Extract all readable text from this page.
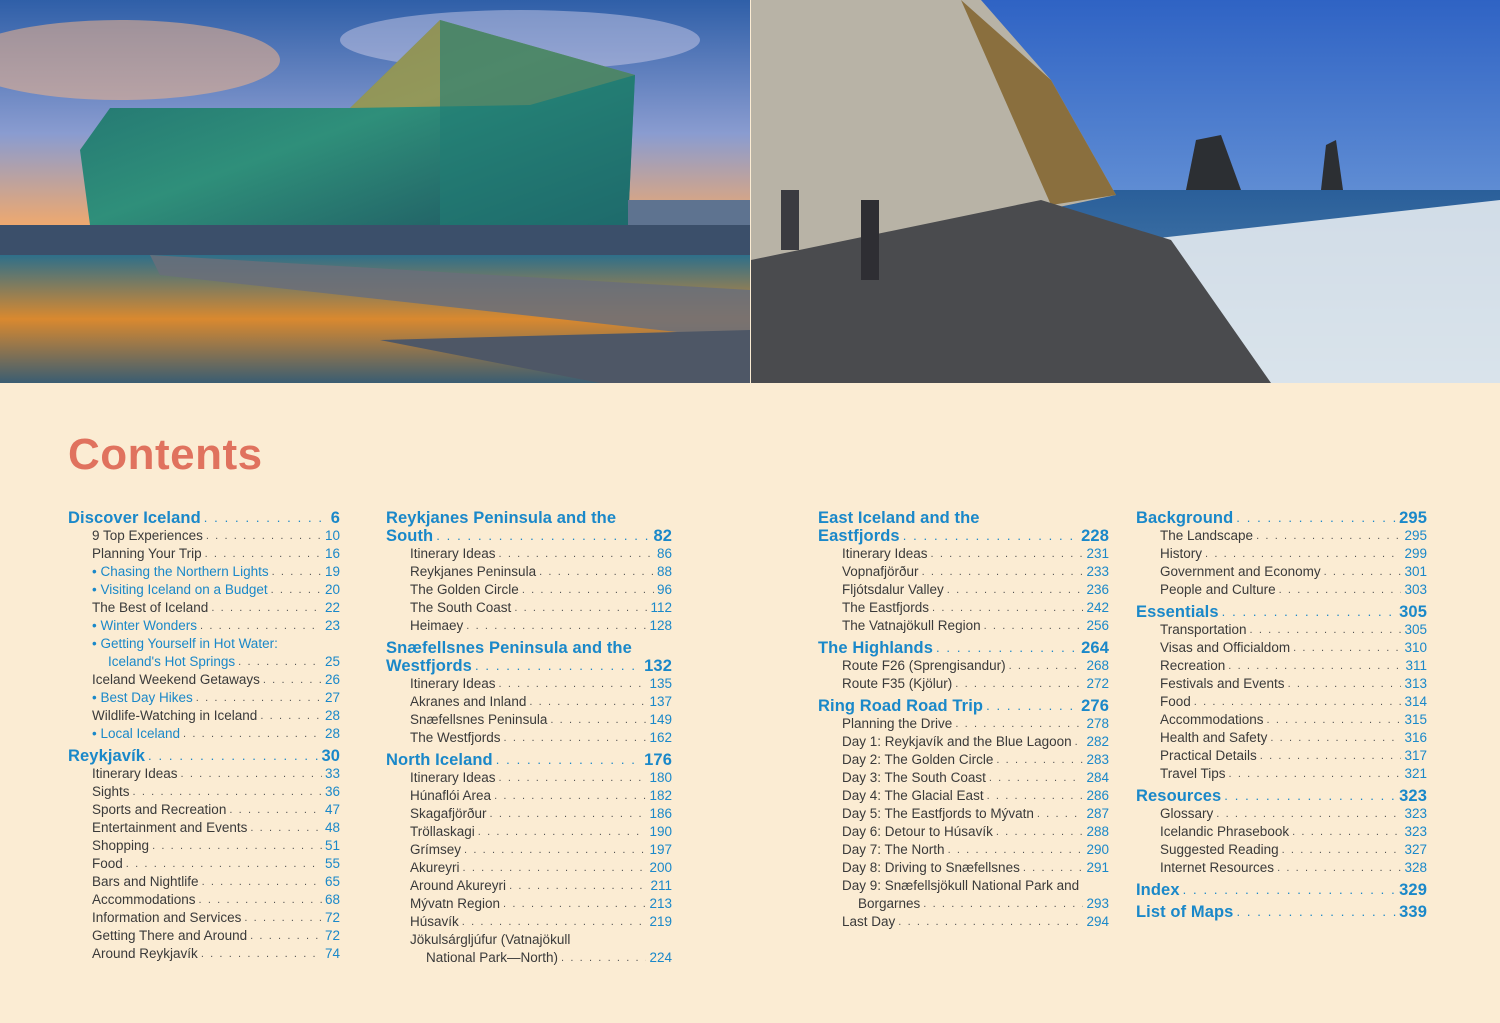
Contents
Discover Iceland . . .	6
9 Top Experiences . . .	10
Planning Your Trip . . .	16
• Chasing the Northern Lights . . .	19
• Visiting Iceland on a Budget . . .	20
The Best of Iceland . . .	22
• Winter Wonders . . .	23
• Getting Yourself in Hot Water:
Iceland's Hot Springs . . .	25
Iceland Weekend Getaways . . .	26
• Best Day Hikes . . .	27
Wildlife-Watching in Iceland . . .	28
• Local Iceland . . .	28
Reykjavík . . .	30
Itinerary Ideas . . .	33
Sights . . .	36
Sports and Recreation . . .	47
Entertainment and Events . . .	48
Shopping . . .	51
Food . . .	55
Bars and Nightlife . . .	65
Accommodations . . .	68
Information and Services . . .	72
Getting There and Around . . .	72
Around Reykjavík . . .	74
Reykjanes Peninsula and the
South . . .	82
Itinerary Ideas . . .	86
Reykjanes Peninsula . . .	88
The Golden Circle . . .	96
The South Coast . . .	112
Heimaey . . .	128
Snæfellsnes Peninsula and the
Westfjords . . .	132
Itinerary Ideas . . .	135
Akranes and Inland . . .	137
Snæfellsnes Peninsula . . .	149
The Westfjords . . .	162
North Iceland . . .	176
Itinerary Ideas . . .	180
Húnaflói Area . . .	182
Skagafjörður . . .	186
Tröllaskagi . . .	190
Grímsey . . .	197
Akureyri . . .	200
Around Akureyri . . .	211
Mývatn Region . . .	213
Húsavík . . .	219
Jökulsárgljúfur (Vatnajökull
National Park—North) . . .	224
East Iceland and the
Eastfjords . . .	228
Itinerary Ideas . . .	231
Vopnafjörður . . .	233
Fljótsdalur Valley . . .	236
The Eastfjords . . .	242
The Vatnajökull Region . . .	256
The Highlands . . .	264
Route F26 (Sprengisandur) . . .	268
Route F35 (Kjölur) . . .	272
Ring Road Road Trip . . .	276
Planning the Drive . . .	278
Day 1: Reykjavík and the Blue Lagoon . . . 282
Day 2: The Golden Circle . . .	283
Day 3: The South Coast . . .	284
Day 4: The Glacial East . . .	286
Day 5: The Eastfjords to Mývatn . . .	287
Day 6: Detour to Húsavík . . .	288
Day 7: The North . . .	290
Day 8: Driving to Snæfellsnes . . .	291
Day 9: Snæfellsjökull National Park and
Borgarnes . . .	293
Last Day . . .	294
Background . . .	295
The Landscape . . .	295
History . . .	299
Government and Economy . . .	301
People and Culture . . .	303
Essentials . . .	305
Transportation . . .	305
Visas and Officialdom . . .	310
Recreation . . .	311
Festivals and Events . . .	313
Food . . .	314
Accommodations . . .	315
Health and Safety . . .	316
Practical Details . . .	317
Travel Tips . . .	321
Resources . . .	323
Glossary . . .	323
Icelandic Phrasebook . . .	323
Suggested Reading . . .	327
Internet Resources . . .	328
Index . . .	329
List of Maps . . .	339
